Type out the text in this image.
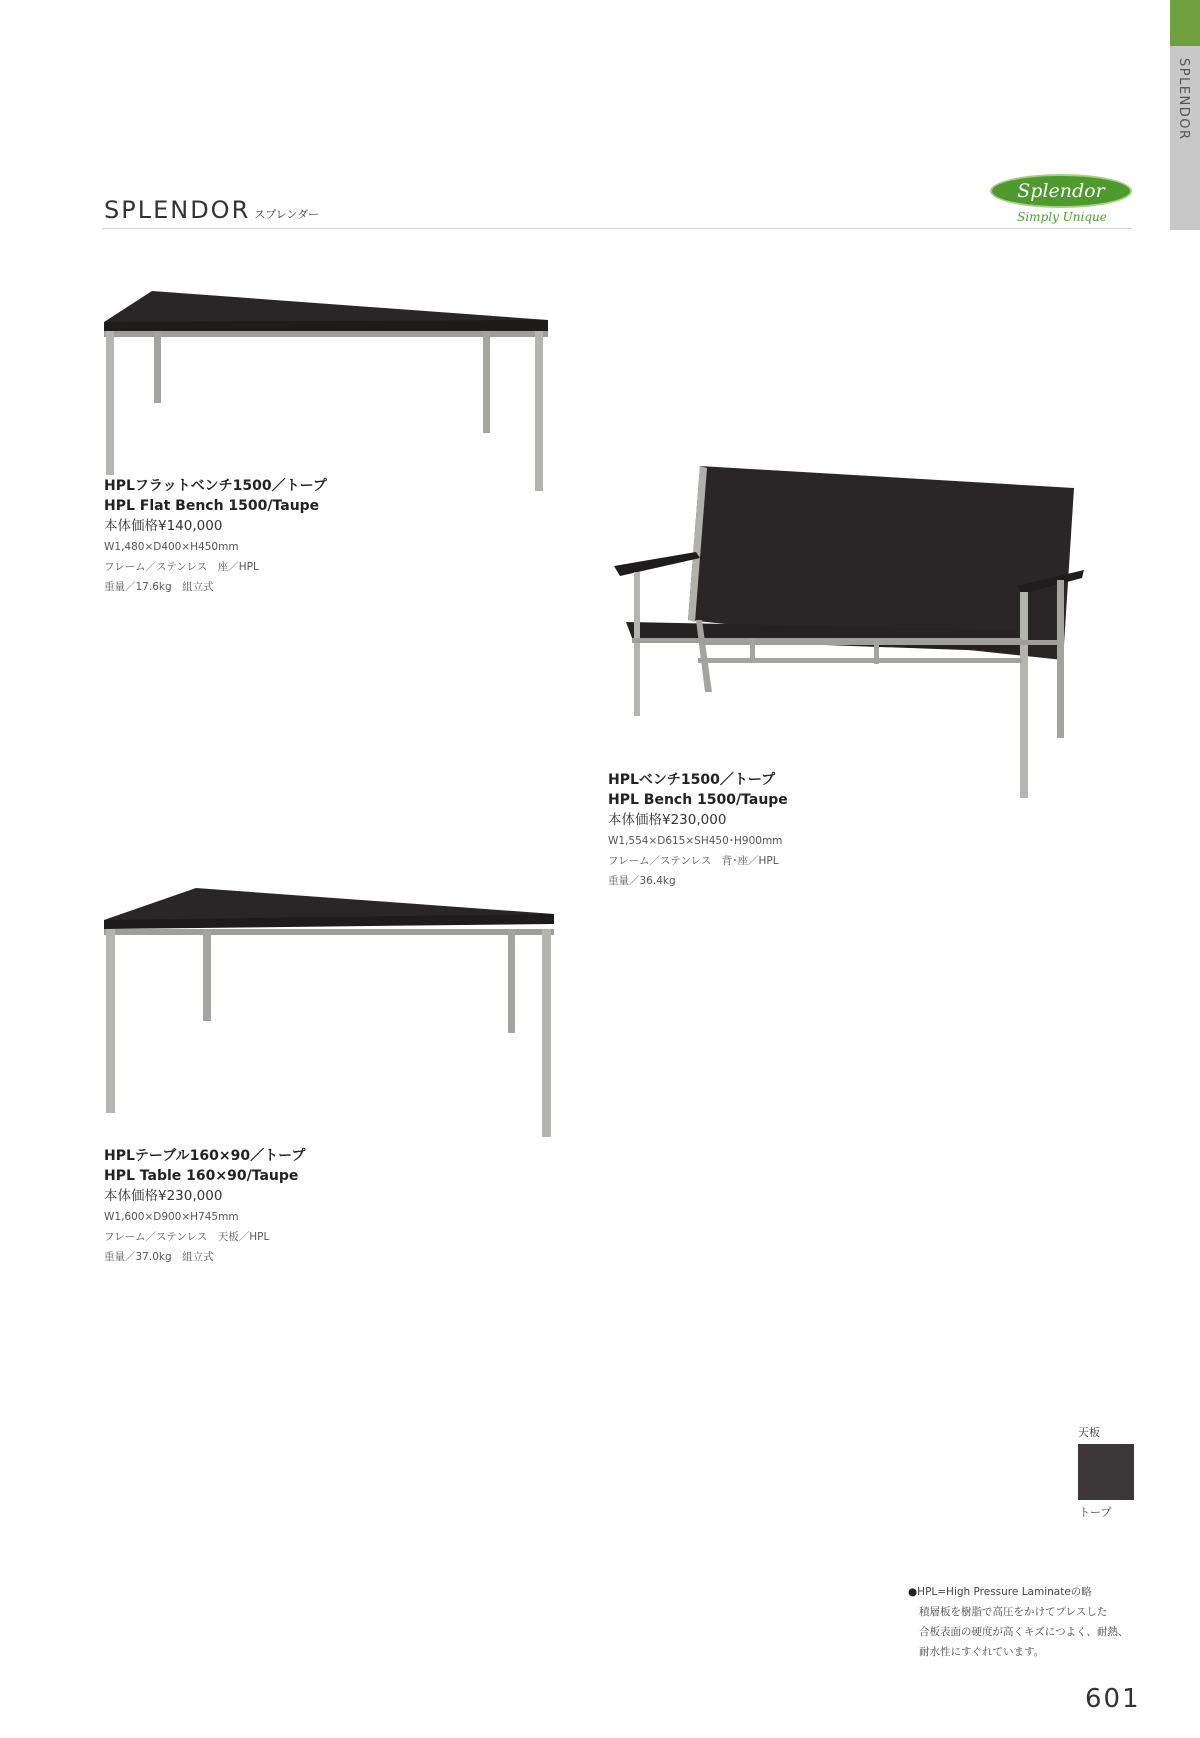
SPLENDOR
SPLENDOR スプレンダー
Splendor
Simply Unique
HPLフラットベンチ1500／トープ
HPL Flat Bench 1500/Taupe
本体価格¥140,000
W1,480×D400×H450mm
フレーム／ステンレス　座／HPL
重量／17.6kg　組立式
HPLベンチ1500／トープ
HPL Bench 1500/Taupe
本体価格¥230,000
W1,554×D615×SH450･H900mm
フレーム／ステンレス　背･座／HPL
重量／36.4kg
HPLテーブル160×90／トープ
HPL Table 160×90/Taupe
本体価格¥230,000
W1,600×D900×H745mm
フレーム／ステンレス　天板／HPL
重量／37.0kg　組立式
天板
トープ
●HPL=High Pressure Laminateの略
積層板を樹脂で高圧をかけてプレスした
合板表面の硬度が高くキズにつよく、耐熱、
耐水性にすぐれています。
601
